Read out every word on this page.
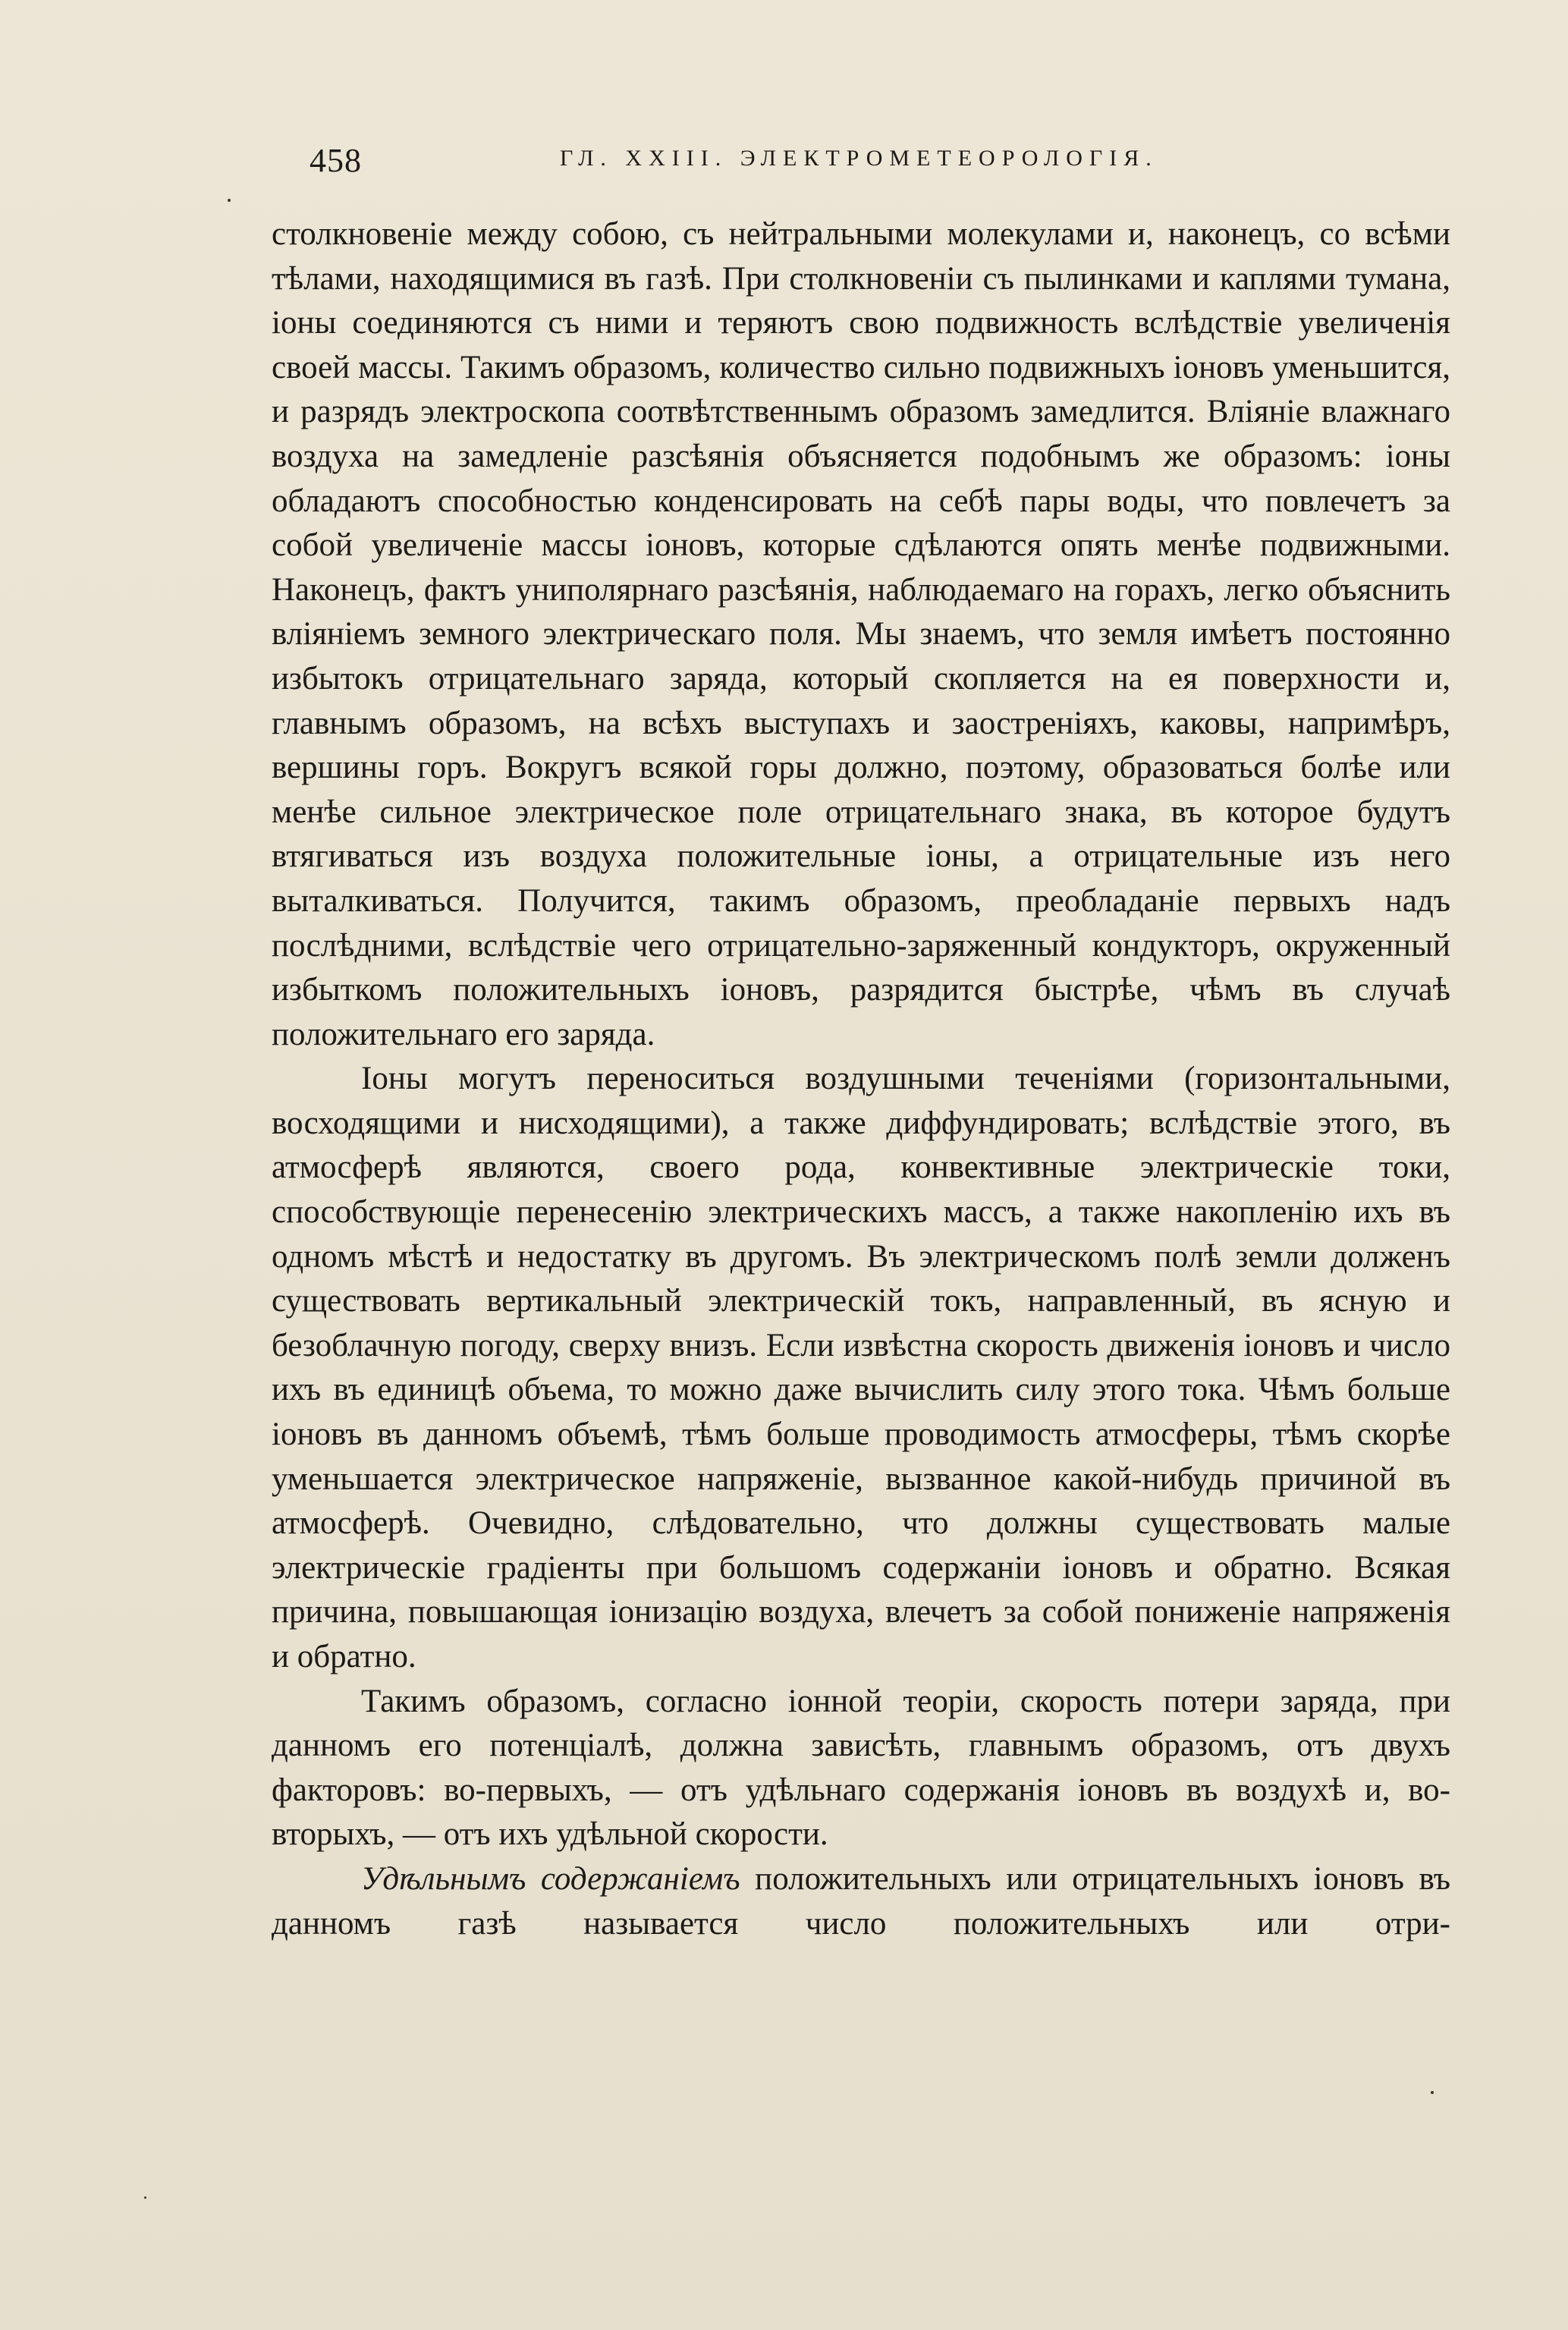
458	ГЛ. XXIII. ЭЛЕКТРОМЕТЕОРОЛОГІЯ.

столкновеніе между собою, съ нейтральными молекулами и, наконецъ, со всѣми тѣлами, находящимися въ газѣ. При столкновеніи съ пылинками и каплями тумана, іоны соединяются съ ними и теряютъ свою подвижность вслѣдствіе увеличенія своей массы. Такимъ образомъ, количество сильно подвижныхъ іоновъ уменьшится, и разрядъ электроскопа соотвѣтственнымъ образомъ замедлится. Вліяніе влажнаго воздуха на замедленіе разсѣянія объясняется подобнымъ же образомъ: іоны обладаютъ способностью конденсировать на себѣ пары воды, что повлечетъ за собой увеличеніе массы іоновъ, которые сдѣлаются опять менѣе подвижными. Наконецъ, фактъ униполярнаго разсѣянія, наблюдаемаго на горахъ, легко объяснить вліяніемъ земного электрическаго поля. Мы знаемъ, что земля имѣетъ постоянно избытокъ отрицательнаго заряда, который скопляется на ея поверхности и, главнымъ образомъ, на всѣхъ выступахъ и заостреніяхъ, каковы, напримѣръ, вершины горъ. Вокругъ всякой горы должно, поэтому, образоваться болѣе или менѣе сильное электрическое поле отрицательнаго знака, въ которое будутъ втягиваться изъ воздуха положительные іоны, а отрицательные изъ него выталкиваться. Получится, такимъ образомъ, преобладаніе первыхъ надъ послѣдними, вслѣдствіе чего отрицательно-заряженный кондукторъ, окруженный избыткомъ положительныхъ іоновъ, разрядится быстрѣе, чѣмъ въ случаѣ положительнаго его заряда.

Іоны могутъ переноситься воздушными теченіями (горизонтальными, восходящими и нисходящими), а также диффундировать; вслѣдствіе этого, въ атмосферѣ являются, своего рода, конвективные электрическіе токи, способствующіе перенесенію электрическихъ массъ, а также накопленію ихъ въ одномъ мѣстѣ и недостатку въ другомъ. Въ электрическомъ полѣ земли долженъ существовать вертикальный электрическій токъ, направленный, въ ясную и безоблачную погоду, сверху внизъ. Если извѣстна скорость движенія іоновъ и число ихъ въ единицѣ объема, то можно даже вычислить силу этого тока. Чѣмъ больше іоновъ въ данномъ объемѣ, тѣмъ больше проводимость атмосферы, тѣмъ скорѣе уменьшается электрическое напряженіе, вызванное какой-нибудь причиной въ атмосферѣ. Очевидно, слѣдовательно, что должны существовать малые электрическіе градіенты при большомъ содержаніи іоновъ и обратно. Всякая причина, повышающая іонизацію воздуха, влечетъ за собой пониженіе напряженія и обратно.

Такимъ образомъ, согласно іонной теоріи, скорость потери заряда, при данномъ его потенціалѣ, должна зависѣть, главнымъ образомъ, отъ двухъ факторовъ: во-первыхъ, — отъ удѣльнаго содержанія іоновъ въ воздухѣ и, во-вторыхъ, — отъ ихъ удѣльной скорости.

Удѣльнымъ содержаніемъ положительныхъ или отрицательныхъ іоновъ въ данномъ газѣ называется число положительныхъ или отри-
